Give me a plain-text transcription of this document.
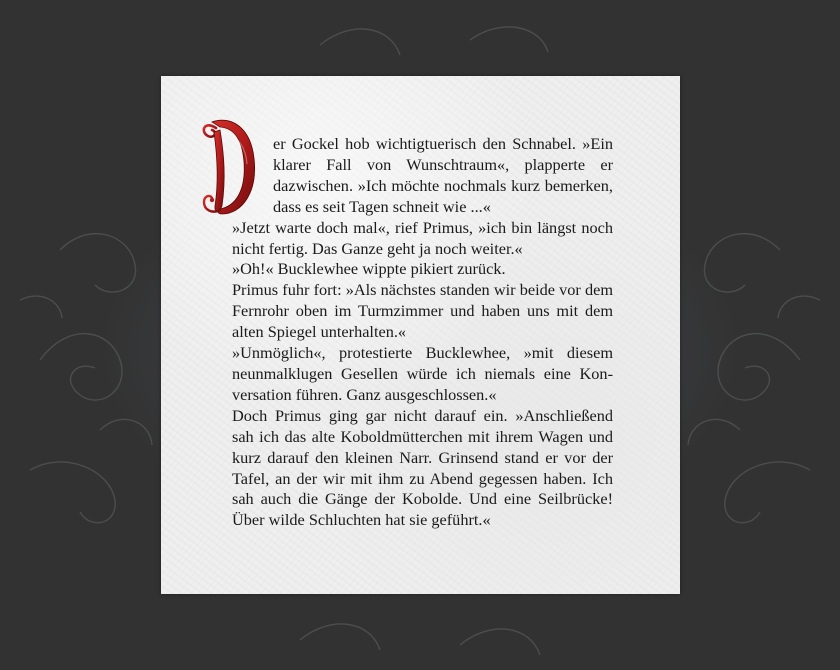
er Gockel hob wichtigtuerisch den Schnabel. »Ein klarer Fall von Wunschtraum«, plapperte er dazwischen. »Ich möchte nochmals kurz bemerken, dass es seit Tagen schneit wie ...«

»Jetzt warte doch mal«, rief Primus, »ich bin längst noch nicht fertig. Das Ganze geht ja noch weiter.«

»Oh!« Bucklewhee wippte pikiert zurück.

Primus fuhr fort: »Als nächstes standen wir beide vor dem Fernrohr oben im Turmzimmer und haben uns mit dem alten Spiegel unterhalten.«

»Unmöglich«, protestierte Bucklewhee, »mit diesem neunmalklugen Gesellen würde ich niemals eine Kon-versation führen. Ganz ausgeschlossen.«

Doch Primus ging gar nicht darauf ein. »Anschließend sah ich das alte Koboldmütterchen mit ihrem Wagen und kurz darauf den kleinen Narr. Grinsend stand er vor der Tafel, an der wir mit ihm zu Abend gegessen haben. Ich sah auch die Gänge der Kobolde. Und eine Seilbrücke! Über wilde Schluchten hat sie geführt.«
